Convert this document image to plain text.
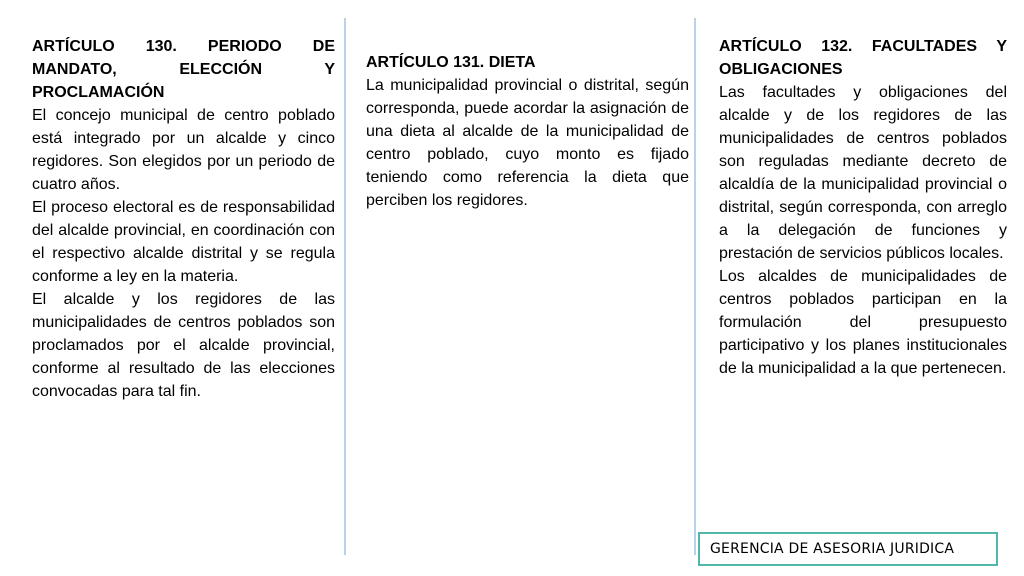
ARTÍCULO 130. PERIODO DE MANDATO, ELECCIÓN Y PROCLAMACIÓN

El concejo municipal de centro poblado está integrado por un alcalde y cinco regidores. Son elegidos por un periodo de cuatro años.

El proceso electoral es de responsabilidad del alcalde provincial, en coordinación con el respectivo alcalde distrital y se regula conforme a ley en la materia.

El alcalde y los regidores de las municipalidades de centros poblados son proclamados por el alcalde provincial, conforme al resultado de las elecciones convocadas para tal fin.

ARTÍCULO 131. DIETA

La municipalidad provincial o distrital, según corresponda, puede acordar la asignación de una dieta al alcalde de la municipalidad de centro poblado, cuyo monto es fijado teniendo como referencia la dieta que perciben los regidores.

ARTÍCULO 132. FACULTADES Y OBLIGACIONES

Las facultades y obligaciones del alcalde y de los regidores de las municipalidades de centros poblados son reguladas mediante decreto de alcaldía de la municipalidad provincial o distrital, según corresponda, con arreglo a la delegación de funciones y prestación de servicios públicos locales.

Los alcaldes de municipalidades de centros poblados participan en la formulación del presupuesto participativo y los planes institucionales de la municipalidad a la que pertenecen.

GERENCIA DE ASESORIA JURIDICA
